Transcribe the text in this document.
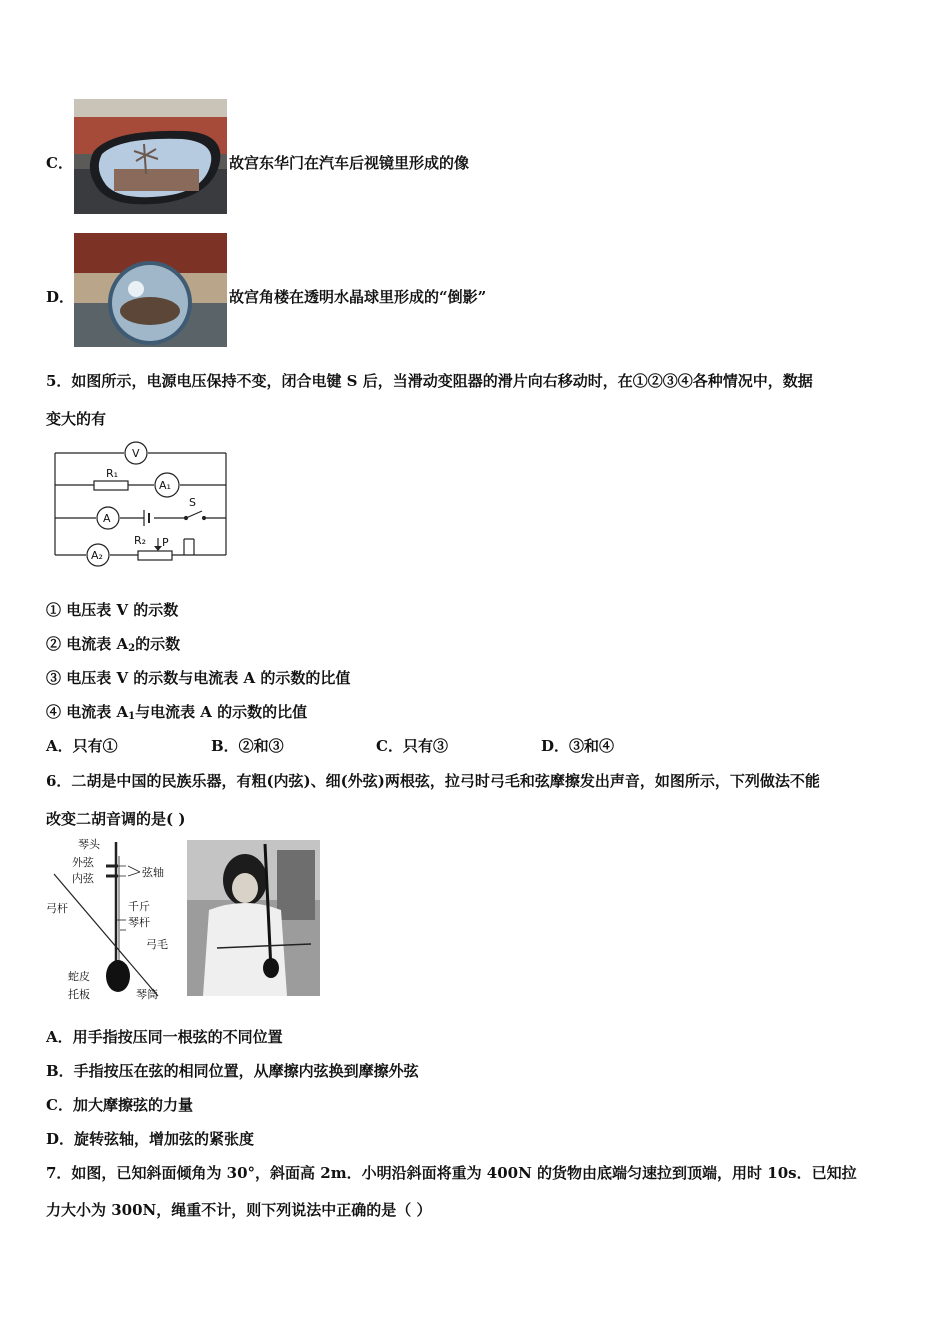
C．	故宫东华门在汽车后视镜里形成的像
D．	故宫角楼在透明水晶球里形成的“倒影”
5．如图所示，电源电压保持不变，闭合电键 S 后，当滑动变阻器的滑片向右移动时，在①②③④各种情况中，数据
变大的有
V
R₁
A₁
A
S
A₂
R₂ P
① 电压表 V 的示数
② 电流表 $A_2$的示数
③ 电压表 V 的示数与电流表 A 的示数的比值
④ 电流表 $A_1$与电流表 A 的示数的比值
A．只有①	B．②和③	C．只有③	D．③和④
6．二胡是中国的民族乐器，有粗(内弦)、细(外弦)两根弦，拉弓时弓毛和弦摩擦发出声音，如图所示，下列做法不能
改变二胡音调的是( )
琴头
外弦
内弦	弦轴
弓杆	千斤
琴杆
弓毛
蛇皮
托板	琴筒
A．用手指按压同一根弦的不同位置
B．手指按压在弦的相同位置，从摩擦内弦换到摩擦外弦
C．加大摩擦弦的力量
D．旋转弦轴，增加弦的紧张度
7．如图，已知斜面倾角为 30°，斜面高 2m．小明沿斜面将重为 400N 的货物由底端匀速拉到顶端，用时 10s．已知拉
力大小为 300N，绳重不计，则下列说法中正确的是（ ）
